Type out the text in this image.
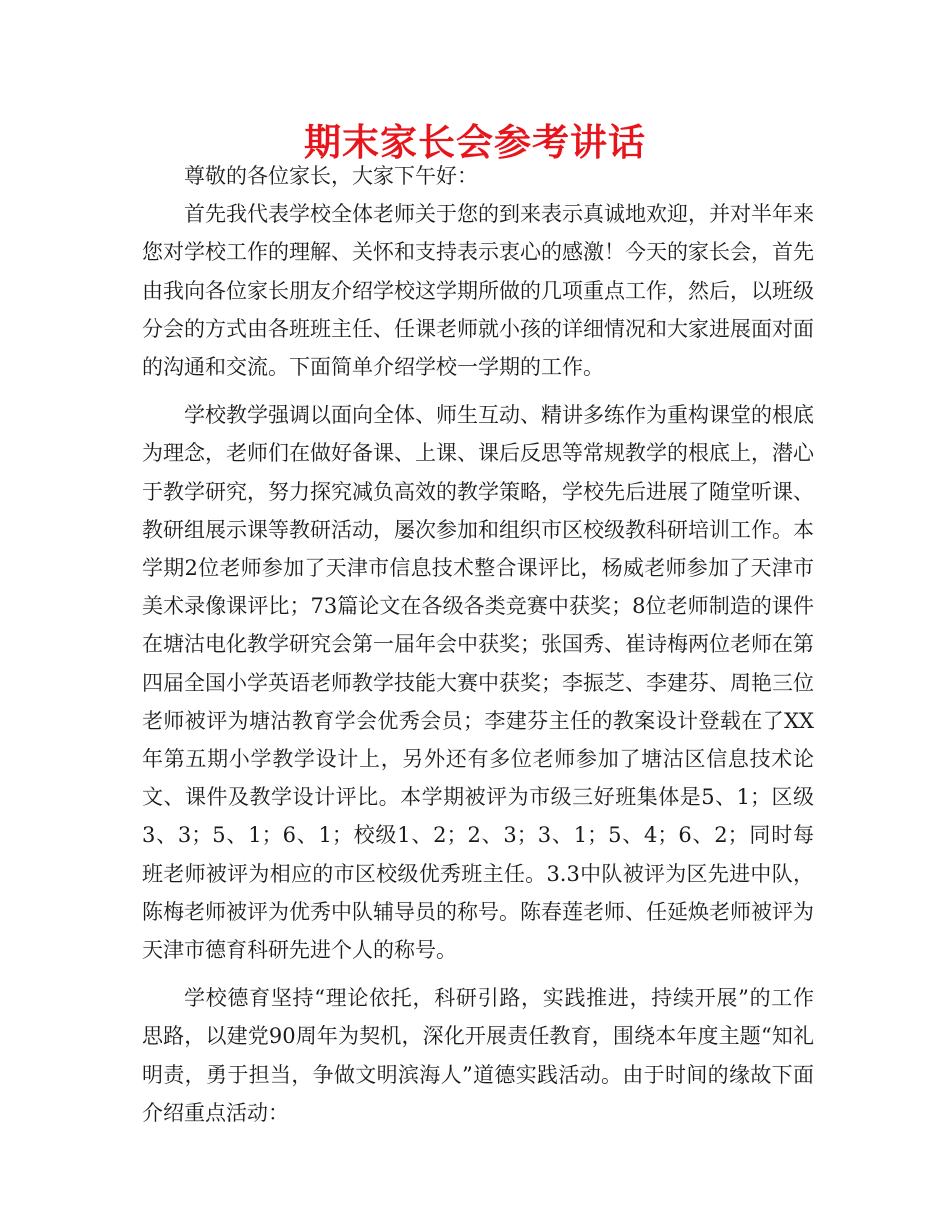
期末家长会参考讲话

尊敬的各位家长，大家下午好：

首先我代表学校全体老师关于您的到来表示真诚地欢迎，并对半年来您对学校工作的理解、关怀和支持表示衷心的感激！今天的家长会，首先由我向各位家长朋友介绍学校这学期所做的几项重点工作，然后，以班级分会的方式由各班班主任、任课老师就小孩的详细情况和大家进展面对面的沟通和交流。下面简单介绍学校一学期的工作。

学校教学强调以面向全体、师生互动、精讲多练作为重构课堂的根底为理念，老师们在做好备课、上课、课后反思等常规教学的根底上，潜心于教学研究，努力探究减负高效的教学策略，学校先后进展了随堂听课、教研组展示课等教研活动，屡次参加和组织市区校级教科研培训工作。本学期2位老师参加了天津市信息技术整合课评比，杨威老师参加了天津市美术录像课评比；73篇论文在各级各类竞赛中获奖；8位老师制造的课件在塘沽电化教学研究会第一届年会中获奖；张国秀、崔诗梅两位老师在第四届全国小学英语老师教学技能大赛中获奖；李振芝、李建芬、周艳三位老师被评为塘沽教育学会优秀会员；李建芬主任的教案设计登载在了XX年第五期小学教学设计上，另外还有多位老师参加了塘沽区信息技术论文、课件及教学设计评比。本学期被评为市级三好班集体是5、1；区级3、3；5、1；6、1；校级1、2；2、3；3、1；5、4；6、2；同时每班老师被评为相应的市区校级优秀班主任。3.3中队被评为区先进中队，陈梅老师被评为优秀中队辅导员的称号。陈春莲老师、任延焕老师被评为天津市德育科研先进个人的称号。

学校德育坚持“理论依托，科研引路，实践推进，持续开展”的工作思路，以建党90周年为契机，深化开展责任教育，围绕本年度主题“知礼明责，勇于担当，争做文明滨海人”道德实践活动。由于时间的缘故下面介绍重点活动：
